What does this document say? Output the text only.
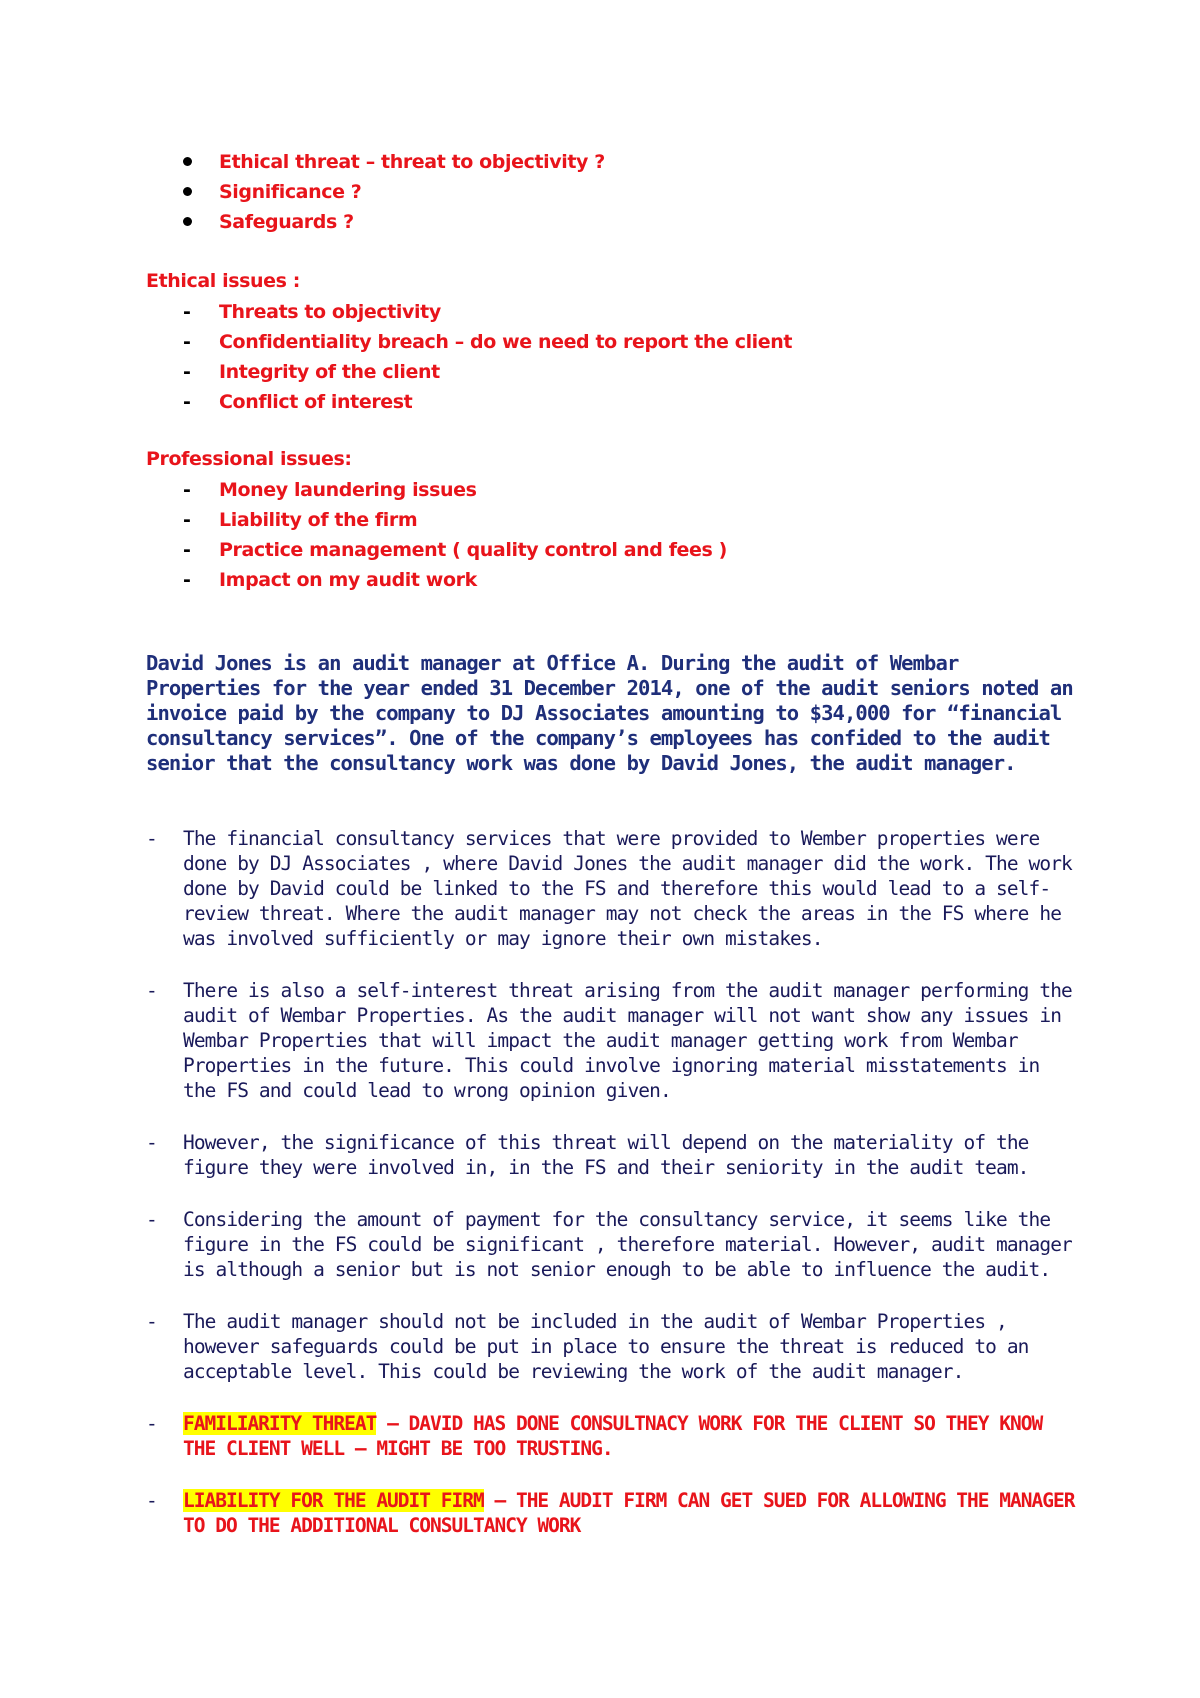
Ethical threat – threat to objectivity ?
Significance ?
Safeguards ?

Ethical issues :

- Threats to objectivity
- Confidentiality breach – do we need to report the client
- Integrity of the client
- Conflict of interest

Professional issues:

- Money laundering issues
- Liability of the firm
- Practice management ( quality control and fees )
- Impact on my audit work

David Jones is an audit manager at Office A. During the audit of Wembar Properties for the year ended 31 December 2014, one of the audit seniors noted an invoice paid by the company to DJ Associates amounting to $34,000 for “financial consultancy services”. One of the company’s employees has confided to the audit senior that the consultancy work was done by David Jones, the audit manager.

- The financial consultancy services that were provided to Wember properties were done by DJ Associates , where David Jones the audit manager did the work. The work done by David could be linked to the FS and therefore this would lead to a self-review threat. Where the audit manager may not check the areas in the FS where he was involved sufficiently or may ignore their own mistakes.
- There is also a self-interest threat arising from the audit manager performing the audit of Wembar Properties. As the audit manager will not want show any issues in Wembar Properties that will impact the audit manager getting work from Wembar Properties in the future. This could involve ignoring material misstatements in the FS and could lead to wrong opinion given.
- However, the significance of this threat will depend on the materiality of the figure they were involved in, in the FS and their seniority in the audit team.
- Considering the amount of payment for the consultancy service, it seems like the figure in the FS could be significant , therefore material. However, audit manager is although a senior but is not senior enough to be able to influence the audit.
- The audit manager should not be included in the audit of Wembar Properties , however safeguards could be put in place to ensure the threat is reduced to an acceptable level. This could be reviewing the work of the audit manager.
- FAMILIARITY THREAT – DAVID HAS DONE CONSULTNACY WORK FOR THE CLIENT SO THEY KNOW THE CLIENT WELL – MIGHT BE TOO TRUSTING.
- LIABILITY FOR THE AUDIT FIRM – THE AUDIT FIRM CAN GET SUED FOR ALLOWING THE MANAGER TO DO THE ADDITIONAL CONSULTANCY WORK
